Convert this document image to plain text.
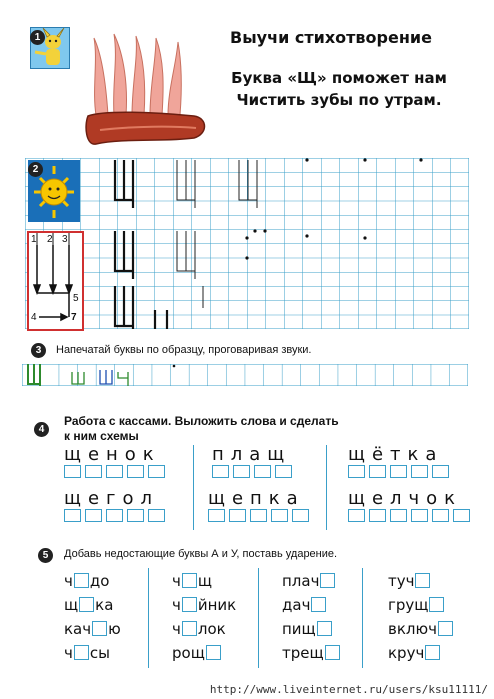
1	Выучи стихотворение
Буква «Щ» поможет нам
Чистить зубы по утрам.
2
1 2 3
4
5
7
3	Напечатай буквы по образцу, проговаривая звуки.
4
Работа с кассами. Выложить слова и сделать
к ним схемы
щенок	плащ	щётка
щегол	щепка	щелчок
5	Добавь недостающие буквы А и У, поставь ударение.
ч до
щ ка
кач ю
ч сы
ч щ
ч йник
ч лок
рощ
плач
дач
пищ
трещ
туч
грущ
включ
круч
http://www.liveinternet.ru/users/ksu11111/
